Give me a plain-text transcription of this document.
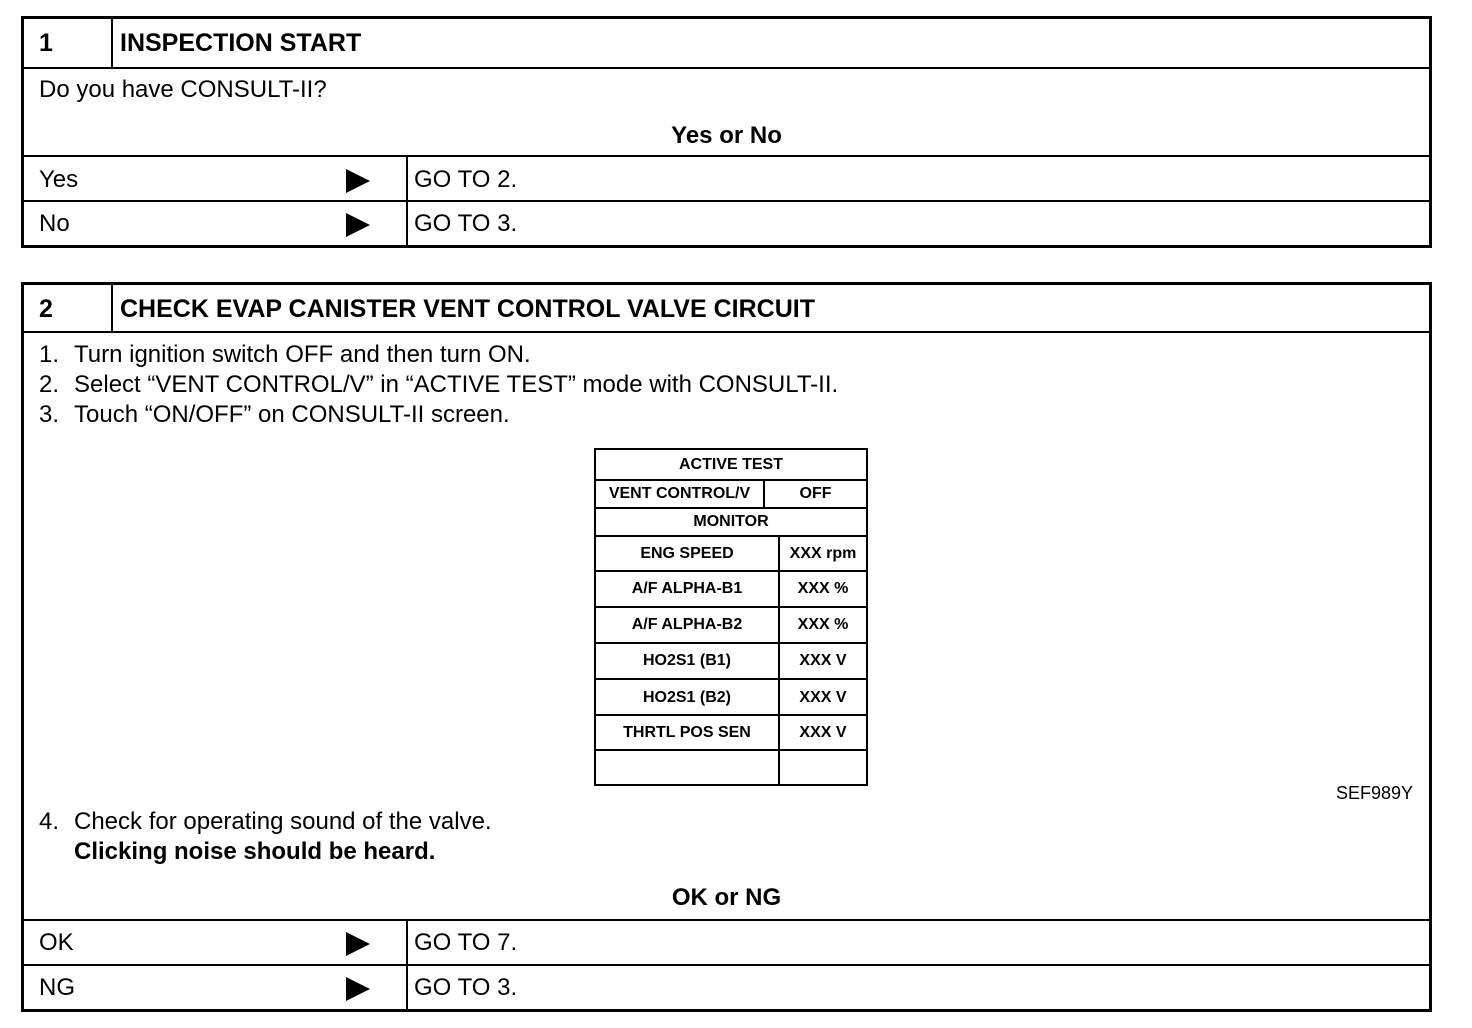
1	INSPECTION START
Do you have CONSULT-II?
Yes or No
Yes	GO TO 2.
No	GO TO 3.
2	CHECK EVAP CANISTER VENT CONTROL VALVE CIRCUIT
1. Turn ignition switch OFF and then turn ON.
2. Select “VENT CONTROL/V” in “ACTIVE TEST” mode with CONSULT-II.
3. Touch “ON/OFF” on CONSULT-II screen.
4. Check for operating sound of the valve.
Clicking noise should be heard.
SEF989Y
OK or NG
OK	GO TO 7.
NG	GO TO 3.
ACTIVE TEST
VENT CONTROL/V	OFF
MONITOR
ENG SPEED	XXX rpm
A/F ALPHA-B1	XXX %
A/F ALPHA-B2	XXX %
HO2S1 (B1)	XXX V
HO2S1 (B2)	XXX V
THRTL POS SEN	XXX V
